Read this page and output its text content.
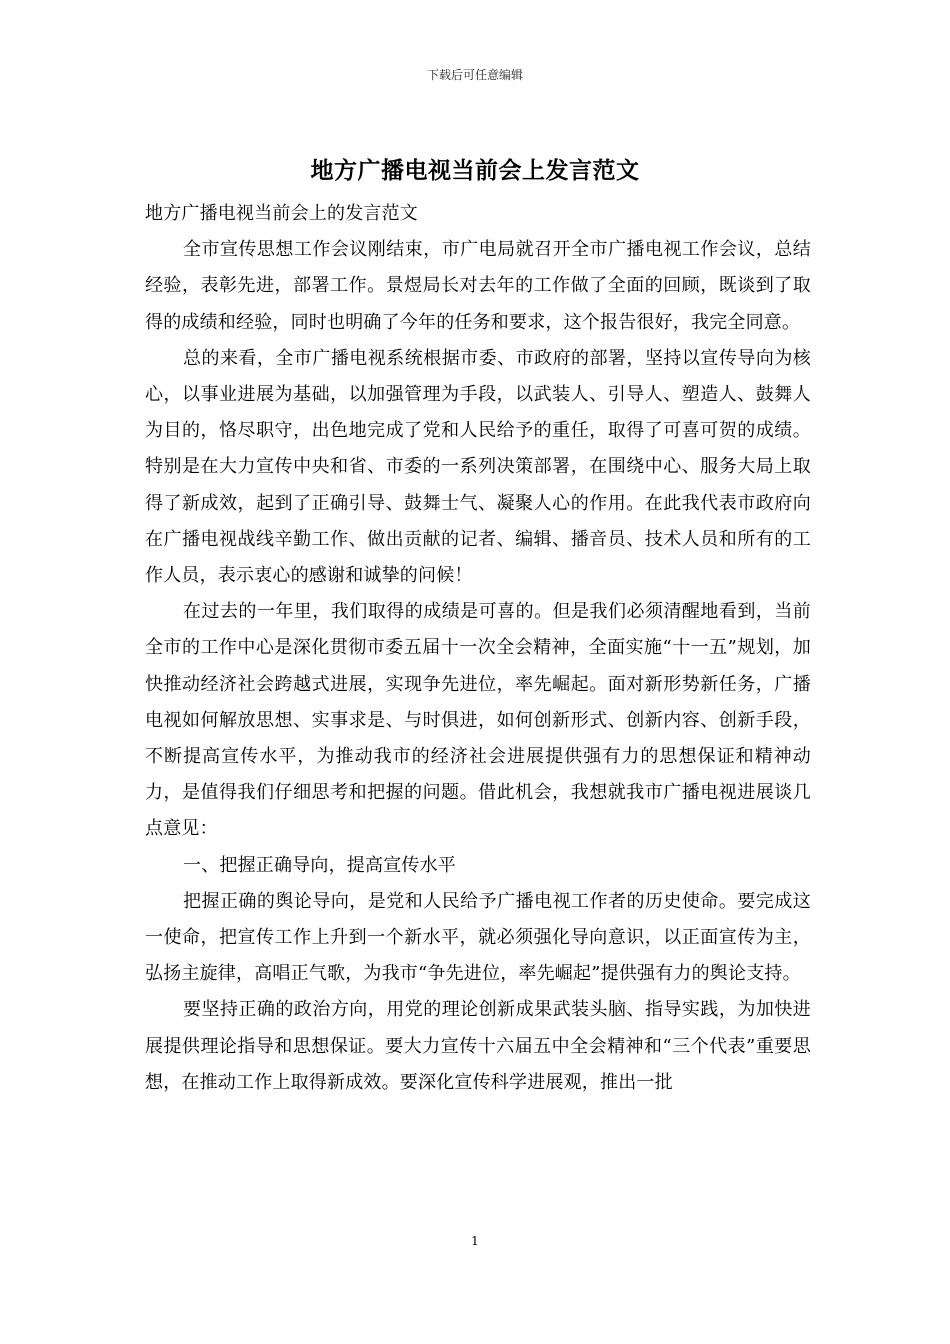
下载后可任意编辑
地方广播电视当前会上发言范文

地方广播电视当前会上的发言范文

全市宣传思想工作会议刚结束，市广电局就召开全市广播电视工作会议，总结经验，表彰先进，部署工作。景煜局长对去年的工作做了全面的回顾，既谈到了取得的成绩和经验，同时也明确了今年的任务和要求，这个报告很好，我完全同意。

总的来看，全市广播电视系统根据市委、市政府的部署，坚持以宣传导向为核心，以事业进展为基础，以加强管理为手段，以武装人、引导人、塑造人、鼓舞人为目的，恪尽职守，出色地完成了党和人民给予的重任，取得了可喜可贺的成绩。特别是在大力宣传中央和省、市委的一系列决策部署，在围绕中心、服务大局上取得了新成效，起到了正确引导、鼓舞士气、凝聚人心的作用。在此我代表市政府向在广播电视战线辛勤工作、做出贡献的记者、编辑、播音员、技术人员和所有的工作人员，表示衷心的感谢和诚挚的问候！

在过去的一年里，我们取得的成绩是可喜的。但是我们必须清醒地看到，当前全市的工作中心是深化贯彻市委五届十一次全会精神，全面实施“十一五”规划，加快推动经济社会跨越式进展，实现争先进位，率先崛起。面对新形势新任务，广播电视如何解放思想、实事求是、与时俱进，如何创新形式、创新内容、创新手段，不断提高宣传水平，为推动我市的经济社会进展提供强有力的思想保证和精神动力，是值得我们仔细思考和把握的问题。借此机会，我想就我市广播电视进展谈几点意见：

一、把握正确导向，提高宣传水平

把握正确的舆论导向，是党和人民给予广播电视工作者的历史使命。要完成这一使命，把宣传工作上升到一个新水平，就必须强化导向意识，以正面宣传为主，弘扬主旋律，高唱正气歌，为我市“争先进位，率先崛起”提供强有力的舆论支持。

要坚持正确的政治方向，用党的理论创新成果武装头脑、指导实践，为加快进展提供理论指导和思想保证。要大力宣传十六届五中全会精神和“三个代表”重要思想，在推动工作上取得新成效。要深化宣传科学进展观，推出一批

1
